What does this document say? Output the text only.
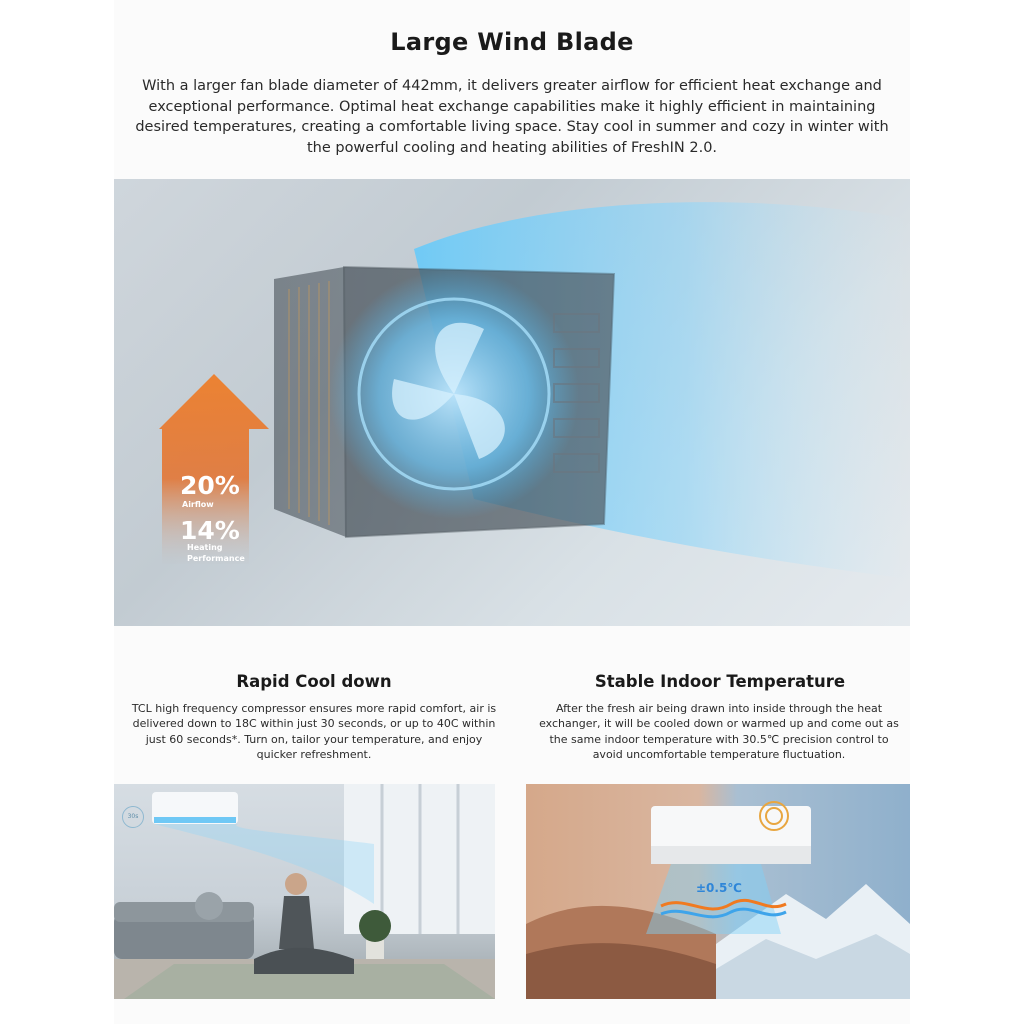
Large Wind Blade
With a larger fan blade diameter of 442mm, it delivers greater airflow for efficient heat exchange and exceptional performance. Optimal heat exchange capabilities make it highly efficient in maintaining desired temperatures, creating a comfortable living space. Stay cool in summer and cozy in winter with the powerful cooling and heating abilities of FreshIN 2.0.
20%
Airflow
14%
Heating
Performance
Rapid Cool down
TCL high frequency compressor ensures more rapid comfort, air is delivered down to 18C within just 30 seconds, or up to 40C within just 60 seconds*. Turn on, tailor your temperature, and enjoy quicker refreshment.
Stable Indoor Temperature
After the fresh air being drawn into inside through the heat exchanger, it will be cooled down or warmed up and come out as the same indoor temperature with 30.5℃ precision control to avoid uncomfortable temperature fluctuation.
30s
±0.5℃
